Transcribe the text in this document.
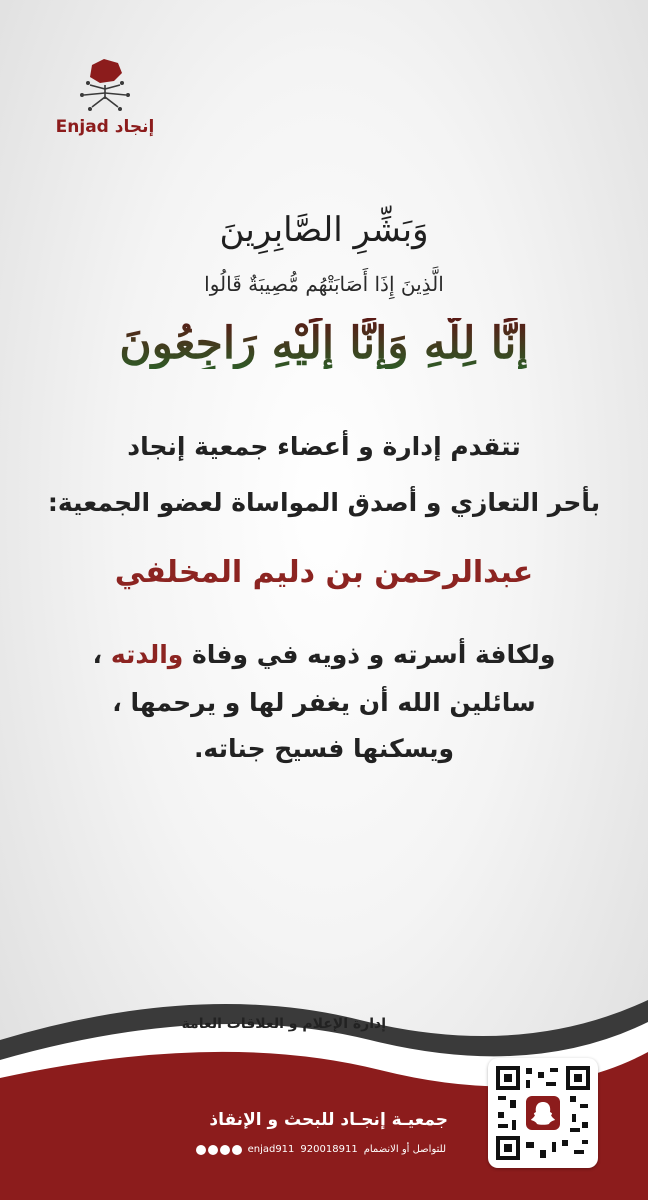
Enjad إنجاد
وَبَشِّرِ الصَّابِرِينَ
الَّذِينَ إِذَا أَصَابَتْهُم مُّصِيبَةٌ قَالُوا
إِنَّا لِلَّهِ وَإِنَّا إِلَيْهِ رَاجِعُونَ
تتقدم إدارة و أعضاء جمعية إنجاد
بأحر التعازي و أصدق المواساة لعضو الجمعية:
عبدالرحمن بن دليم المخلفي
ولكافة أسرته و ذويه في وفاة والدته ،
سائلين الله أن يغفر لها و يرحمها ،
ويسكنها فسيح جناته.
إدارة الإعلام و العلاقات العامة
جمعيـة إنجـاد للبحث و الإنقاذ
للتواصل أو الانضمام
920018911
enjad911
